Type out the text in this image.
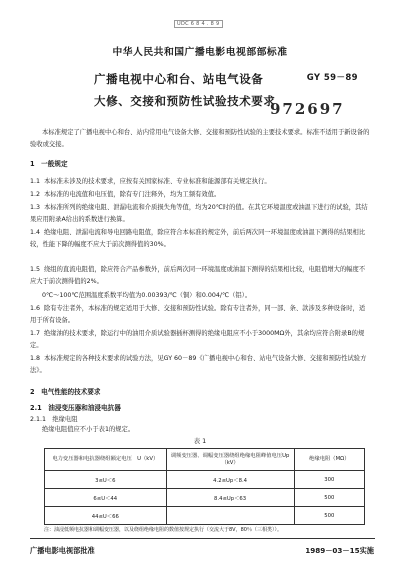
UDC 6 8 4 . 8 9
中华人民共和国广播电影电视部部标准
广播电视中心和台、站电气设备	GY 59－89
大修、交接和预防性试验技术要求
972697
本标准规定了广播电视中心和台、站内常用电气设备大修、交接和预防性试验的主要技术要求。标准不适用于新设备的验收或交接。
1　一般规定
1.1 本标准未涉及的技术要求，应按有关国家标准、专业标准和能源部有关规定执行。
1.2 本标准的电流值和电压值，除有专门注释外，均为工频有效值。
1.3 本标准所列的绝缘电阻、泄漏电流和介质损失角等值，均为20℃时的值。在其它环境温度或油温下进行的试验，其结果应用附录A给出的系数进行换算。
1.4 绝缘电阻、泄漏电流和导电回路电阻值，除应符合本标准的规定外，前后两次同一环境温度或油温下测得的结果相比较，性能下降的幅度不应大于前次测得值的30%。
1.5 绕组的直流电阻值，除应符合产品参数外，前后两次同一环境温度或油温下测得的结果相比较，电阻值增大的幅度不应大于前次测得值的2%。
0℃～100℃范围温度系数平均值为0.00393/℃（铜）和0.004/℃（铝）。
1.6 除有专注者外，本标准的规定适用于大修、交接和预防性试验。除有专注者外，同一部、条、款涉及多种设备时，适用于所有设备。
1.7 绝缘油的技术要求，除运行中的油用介质试验器插杯测得的绝缘电阻应不小于3000MΩ外，其余均应符合附录B的规定。
1.8 本标准规定的各种技术要求的试验方法，见GY 60－89《广播电视中心和台、站电气设备大修、交接和预防性试验方法》。
2　电气性能的技术要求
2.1　油浸变压器和油浸电抗器
2.1.1　绝缘电阻
绝缘电阻值应不小于表1的规定。
表 1
电力变压器和电抗器绕组额定电压　U（kV）	调频变压器、调幅变压器绕组绝缘电阻峰值电压Up（kV）	绝缘电阻（MΩ）
3≤U＜6	4.2≤Up＜8.4	300
6≤U＜44	8.4≤Up＜63	500
44≤U＜66		500
注：油浸低频电抗器和调幅变压器，以及绕组绝缘电阻的数值按规定执行（交流大于8V，80％（三相类））。
广播电影电视部批准	1989－03－15实施
